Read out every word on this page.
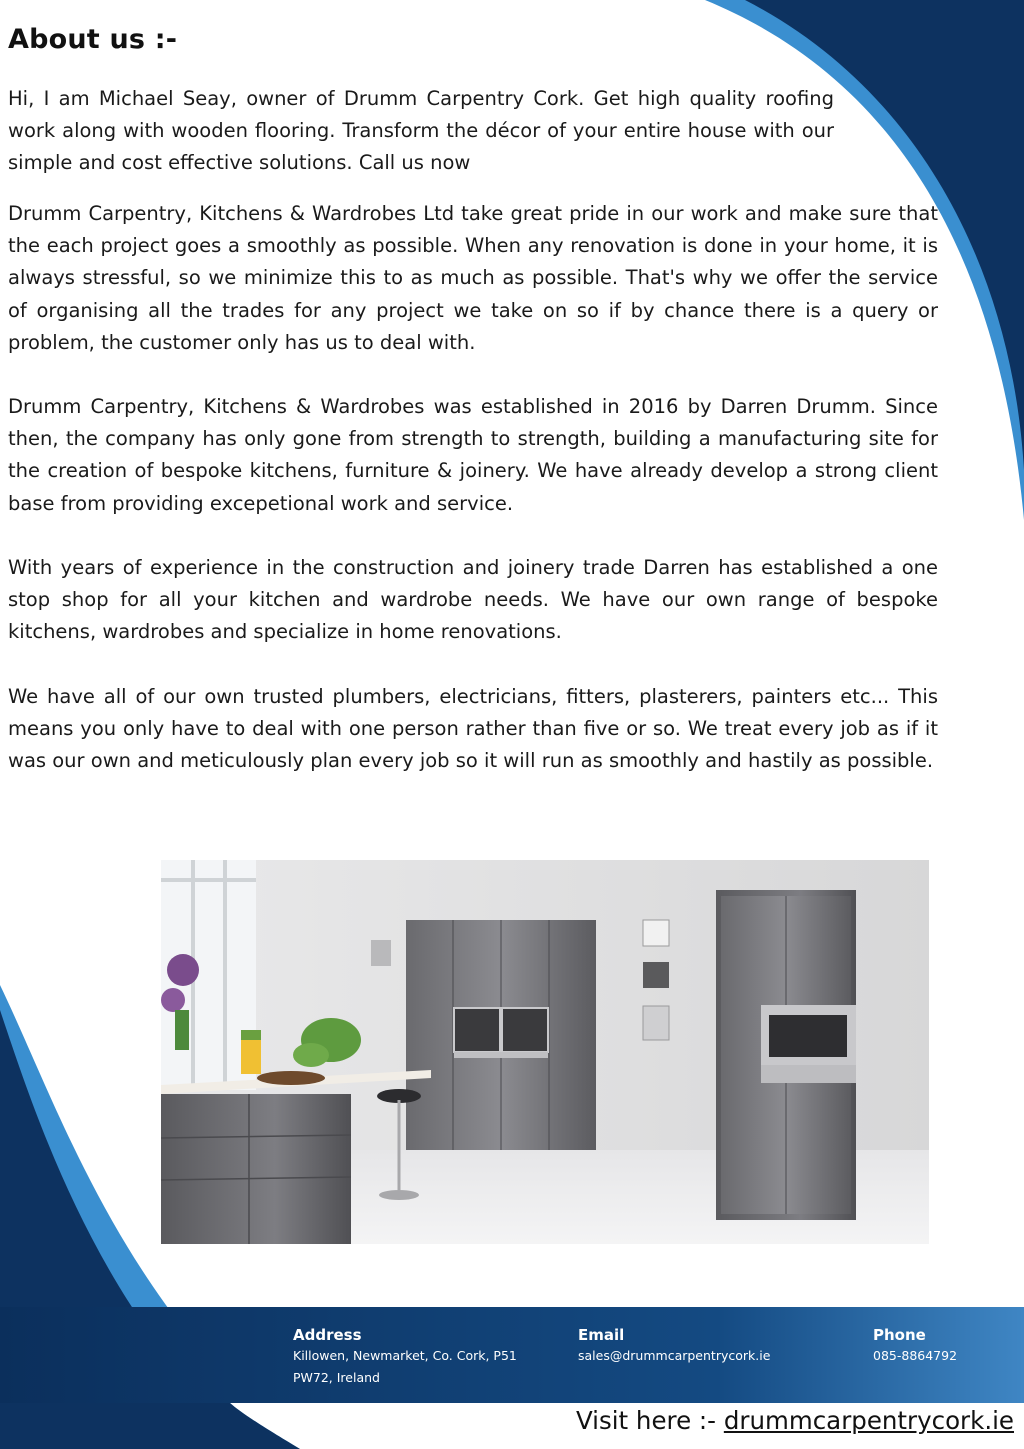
About us :-

Hi, I am Michael Seay, owner of Drumm Carpentry Cork. Get high quality roofing work along with wooden flooring. Transform the décor of your entire house with our simple and cost effective solutions. Call us now

Drumm Carpentry, Kitchens & Wardrobes Ltd take great pride in our work and make sure that the each project goes a smoothly as possible. When any renovation is done in your home, it is always stressful, so we minimize this to as much as possible. That's why we offer the service of organising all the trades for any project we take on so if by chance there is a query or problem, the customer only has us to deal with.

Drumm Carpentry, Kitchens & Wardrobes was established in 2016 by Darren Drumm. Since then, the company has only gone from strength to strength, building a manufacturing site for the creation of bespoke kitchens, furniture & joinery. We have already develop a strong client base from providing excepetional work and service.

With years of experience in the construction and joinery trade Darren has established a one stop shop for all your kitchen and wardrobe needs. We have our own range of bespoke kitchens, wardrobes and specialize in home renovations.

We have all of our own trusted plumbers, electricians, fitters, plasterers, painters etc... This means you only have to deal with one person rather than five or so. We treat every job as if it was our own and meticulously plan every job so it will run as smoothly and hastily as possible.

Address
Killowen, Newmarket, Co. Cork, P51 PW72, Ireland
Email
sales@drummcarpentrycork.ie
Phone
085-8864792
Visit here :- drummcarpentrycork.ie
